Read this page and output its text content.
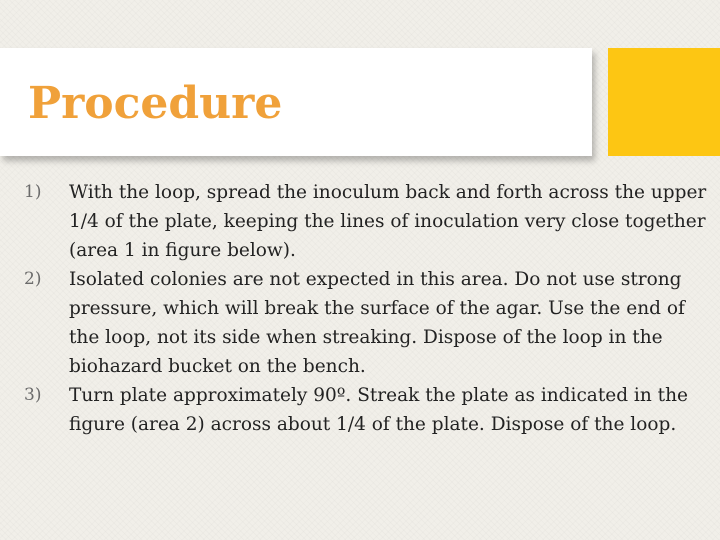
Procedure
1) With the loop, spread the inoculum back and forth across the upper 1/4 of the plate, keeping the lines of inoculation very close together (area 1 in figure below).
2) Isolated colonies are not expected in this area. Do not use strong pressure, which will break the surface of the agar. Use the end of the loop, not its side when streaking. Dispose of the loop in the biohazard bucket on the bench.
3) Turn plate approximately 90º. Streak the plate as indicated in the figure (area 2) across about 1/4 of the plate. Dispose of the loop.
